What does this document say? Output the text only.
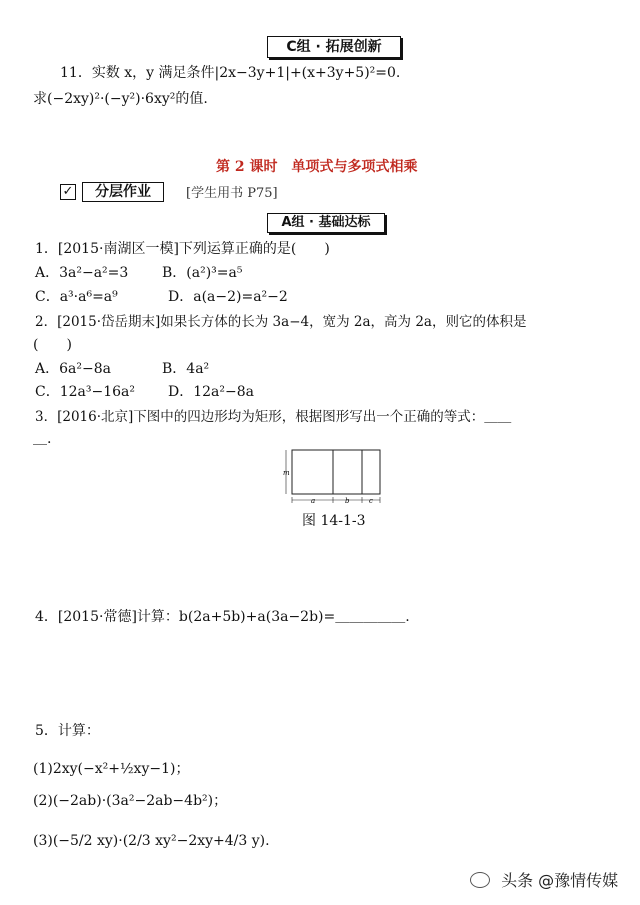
C组 · 拓展创新
11．实数 x，y 满足条件|2x−3y+1|+(x+3y+5)²=0.
求(−2xy)²·(−y²)·6xy²的值.
第 2 课时　单项式与多项式相乘
✓	分层作业	[学生用书 P75]
A组 · 基础达标
1．[2015·南湖区一模]下列运算正确的是(　　)
A．3a²−a²=3 B．(a²)³=a⁵
C．a³·a⁶=a⁹	D．a(a−2)=a²−2
2．[2015·岱岳期末]如果长方体的长为 3a−4，宽为 2a，高为 2a，则它的体积是
(　　)
A．6a²−8a	B．4a²
C．12a³−16a² D．12a²−8a
3．[2016·北京]下图中的四边形均为矩形，根据图形写出一个正确的等式：＿＿
＿.
m
a	b	c
图 14-1-3
4．[2015·常德]计算：b(2a+5b)+a(3a−2b)=＿＿＿＿＿.
5．计算：
(1)2xy(−x²+½xy−1)；
(2)(−2ab)·(3a²−2ab−4b²)；
(3)(−5/2 xy)·(2/3 xy²−2xy+4/3 y).
头条 @豫情传媒
